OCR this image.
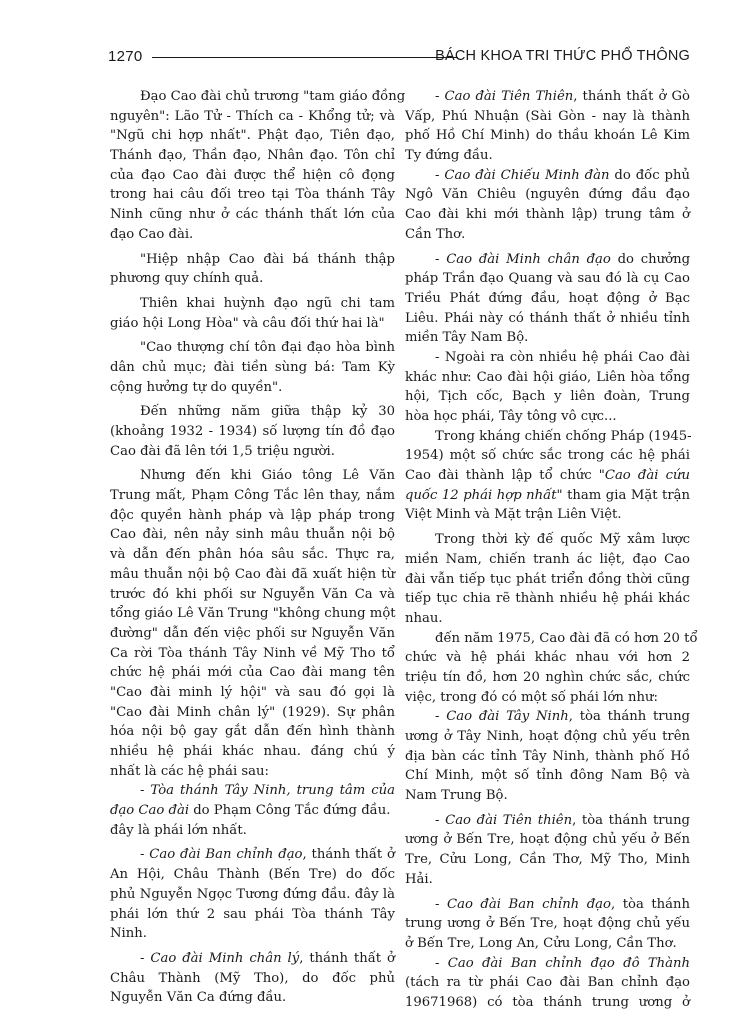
1270	BÁCH KHOA TRI THỨC PHỔ THÔNG
Đạo Cao đài chủ trương "tam giáo đồng
nguyên": Lão Tử - Thích ca - Khổng tử; và
"Ngũ chi hợp nhất". Phật đạo, Tiên đạo,
Thánh đạo, Thần đạo, Nhân đạo. Tôn chỉ
của đạo Cao đài được thể hiện cô đọng
trong hai câu đối treo tại Tòa thánh Tây
Ninh cũng như ở các thánh thất lớn của
đạo Cao đài.
"Hiệp nhập Cao đài bá thánh thập
phương quy chính quả.
Thiên khai huỳnh đạo ngũ chi tam
giáo hội Long Hòa" và câu đối thứ hai là"
"Cao thượng chí tôn đại đạo hòa bình
dân chủ mục; đài tiền sùng bá: Tam Kỳ
cộng hưởng tự do quyền".
Đến những năm giữa thập kỷ 30
(khoảng 1932 - 1934) số lượng tín đồ đạo
Cao đài đã lên tới 1,5 triệu người.
Nhưng đến khi Giáo tông Lê Văn
Trung mất, Phạm Công Tắc lên thay, nắm
độc quyền hành pháp và lập pháp trong
Cao đài, nên nảy sinh mâu thuẫn nội bộ
và dẫn đến phân hóa sâu sắc. Thực ra,
mâu thuẫn nội bộ Cao đài đã xuất hiện từ
trước đó khi phối sư Nguyễn Văn Ca và
tổng giáo Lê Văn Trung "không chung một
đường" dẫn đến việc phối sư Nguyễn Văn
Ca rời Tòa thánh Tây Ninh về Mỹ Tho tổ
chức hệ phái mới của Cao đài mang tên
"Cao đài minh lý hội" và sau đó gọi là
"Cao đài Minh chân lý" (1929). Sự phân
hóa nội bộ gay gắt dẫn đến hình thành
nhiều hệ phái khác nhau. đáng chú ý
nhất là các hệ phái sau:
- Tòa thánh Tây Ninh, trung tâm của
đạo Cao đài do Phạm Công Tắc đứng đầu.
đây là phái lớn nhất.
- Cao đài Ban chỉnh đạo, thánh thất ở
An Hội, Châu Thành (Bến Tre) do đốc
phủ Nguyễn Ngọc Tương đứng đầu. đây là
phái lớn thứ 2 sau phái Tòa thánh Tây
Ninh.
- Cao đài Minh chân lý, thánh thất ở
Châu Thành (Mỹ Tho), do đốc phủ
Nguyễn Văn Ca đứng đầu.
- Cao đài Tiên Thiên, thánh thất ở Gò
Vấp, Phú Nhuận (Sài Gòn - nay là thành
phố Hồ Chí Minh) do thầu khoán Lê Kim
Ty đứng đầu.
- Cao đài Chiếu Minh đàn do đốc phủ
Ngô Văn Chiêu (nguyên đứng đầu đạo
Cao đài khi mới thành lập) trung tâm ở
Cần Thơ.
- Cao đài Minh chân đạo do chưởng
pháp Trần đạo Quang và sau đó là cụ Cao
Triều Phát đứng đầu, hoạt động ở Bạc
Liêu. Phái này có thánh thất ở nhiều tỉnh
miền Tây Nam Bộ.
- Ngoài ra còn nhiều hệ phái Cao đài
khác như: Cao đài hội giáo, Liên hòa tổng
hội, Tịch cốc, Bạch y liên đoàn, Trung
hòa học phái, Tây tông vô cực...
Trong kháng chiến chống Pháp (1945-
1954) một số chức sắc trong các hệ phái
Cao đài thành lập tổ chức "Cao đài cứu
quốc 12 phái hợp nhất" tham gia Mặt trận
Việt Minh và Mặt trận Liên Việt.
Trong thời kỳ đế quốc Mỹ xâm lược
miền Nam, chiến tranh ác liệt, đạo Cao
đài vẫn tiếp tục phát triển đồng thời cũng
tiếp tục chia rẽ thành nhiều hệ phái khác
nhau.
đến năm 1975, Cao đài đã có hơn 20 tổ
chức và hệ phái khác nhau với hơn 2
triệu tín đồ, hơn 20 nghìn chức sắc, chức
việc, trong đó có một số phái lớn như:
- Cao đài Tây Ninh, tòa thánh trung
ương ở Tây Ninh, hoạt động chủ yếu trên
địa bàn các tỉnh Tây Ninh, thành phố Hồ
Chí Minh, một số tỉnh đông Nam Bộ và
Nam Trung Bộ.
- Cao đài Tiên thiên, tòa thánh trung
ương ở Bến Tre, hoạt động chủ yếu ở Bến
Tre, Cửu Long, Cần Thơ, Mỹ Tho, Minh
Hải.
- Cao đài Ban chỉnh đạo, tòa thánh
trung ương ở Bến Tre, hoạt động chủ yếu
ở Bến Tre, Long An, Cửu Long, Cần Thơ.
- Cao đài Ban chỉnh đạo đô Thành
(tách ra từ phái Cao đài Ban chỉnh đạo
19671968) có tòa thánh trung ương ở
